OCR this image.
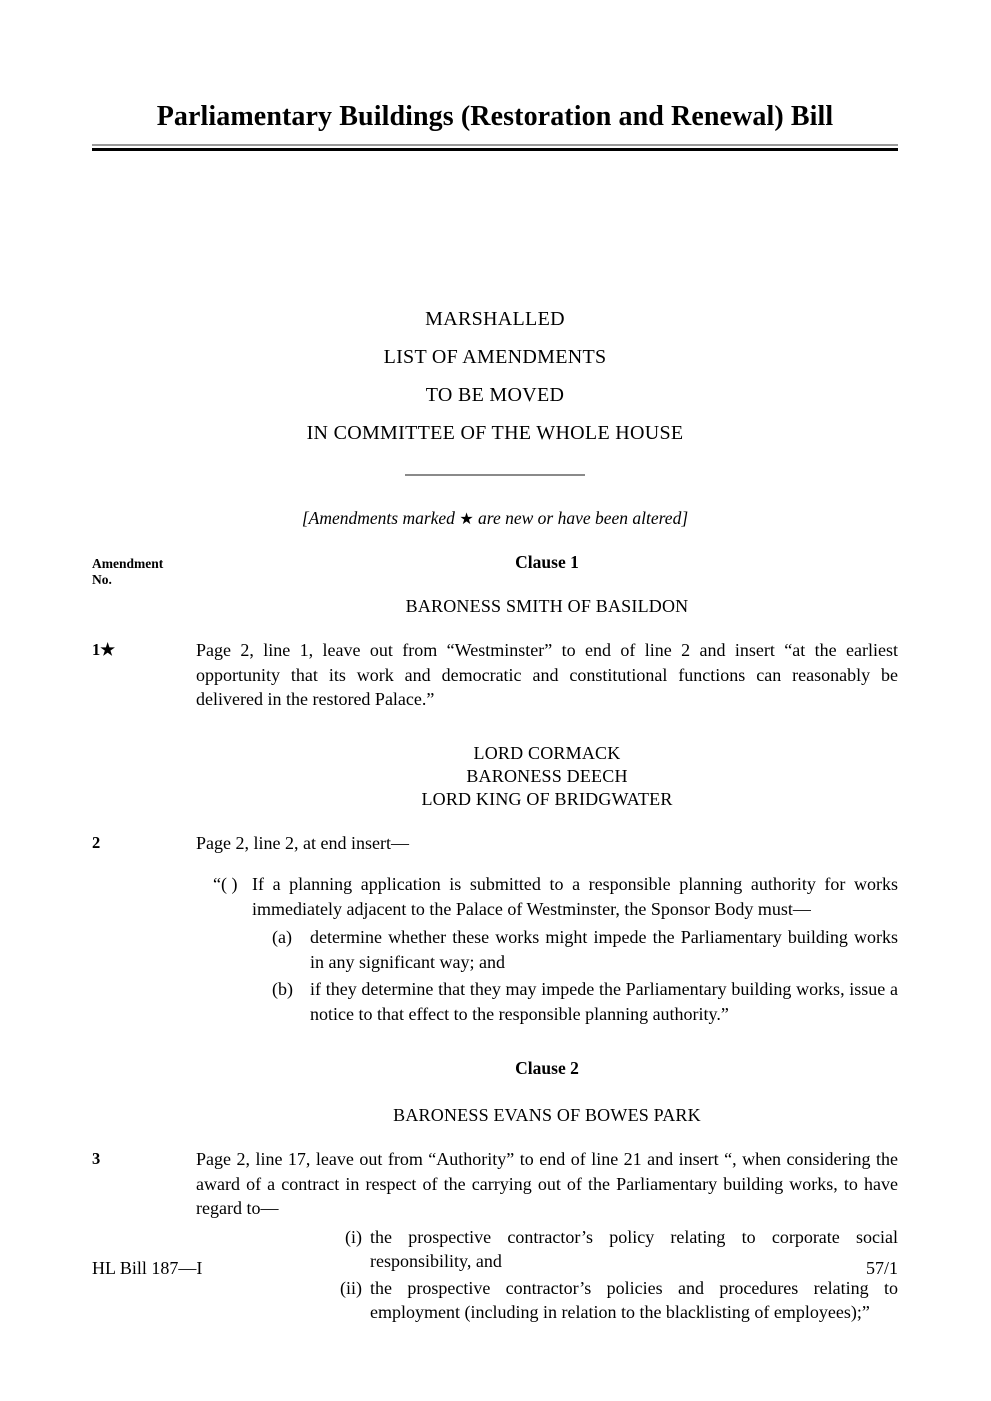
Parliamentary Buildings (Restoration and Renewal) Bill
MARSHALLED
LIST OF AMENDMENTS
TO BE MOVED
IN COMMITTEE OF THE WHOLE HOUSE
[Amendments marked ★ are new or have been altered]
Amendment
No.
Clause 1
BARONESS SMITH OF BASILDON
1★	Page 2, line 1, leave out from “Westminster” to end of line 2 and insert “at the earliest opportunity that its work and democratic and constitutional functions can reasonably be delivered in the restored Palace.”
LORD CORMACK
BARONESS DEECH
LORD KING OF BRIDGWATER
2	Page 2, line 2, at end insert—
“( ) If a planning application is submitted to a responsible planning authority for works immediately adjacent to the Palace of Westminster, the Sponsor Body must—
(a)	determine whether these works might impede the Parliamentary building works in any significant way; and
(b) if they determine that they may impede the Parliamentary building works, issue a notice to that effect to the responsible planning authority.”
Clause 2
BARONESS EVANS OF BOWES PARK
3	Page 2, line 17, leave out from “Authority” to end of line 21 and insert “, when considering the award of a contract in respect of the carrying out of the Parliamentary building works, to have regard to—
(i) the prospective contractor’s policy relating to corporate social responsibility, and
(ii) the prospective contractor’s policies and procedures relating to employment (including in relation to the blacklisting of employees);”
HL Bill 187—I	57/1
